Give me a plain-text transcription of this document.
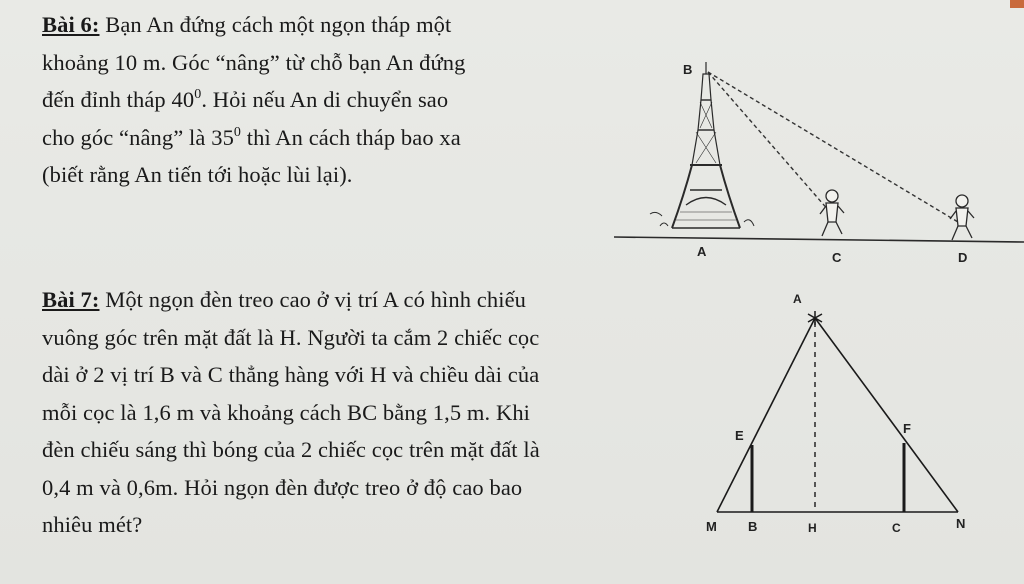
Bài 6: Bạn An đứng cách một ngọn tháp một
khoảng 10 m. Góc “nâng” từ chỗ bạn An đứng
đến đỉnh tháp $40^0$. Hỏi nếu An di chuyển sao
cho góc “nâng” là $35^0$ thì An cách tháp bao xa
(biết rằng An tiến tới hoặc lùi lại).
Bài 7: Một ngọn đèn treo cao ở vị trí A có hình chiếu
vuông góc trên mặt đất là H. Người ta cắm 2 chiếc cọc
dài ở 2 vị trí B và C thẳng hàng với H và chiều dài của
mỗi cọc là 1,6 m và khoảng cách BC bằng 1,5 m. Khi
đèn chiếu sáng thì bóng của 2 chiếc cọc trên mặt đất là
0,4 m và 0,6m. Hỏi ngọn đèn được treo ở độ cao bao
nhiêu mét?
B
A	C	D
A
E	F
M B	H	C	N
